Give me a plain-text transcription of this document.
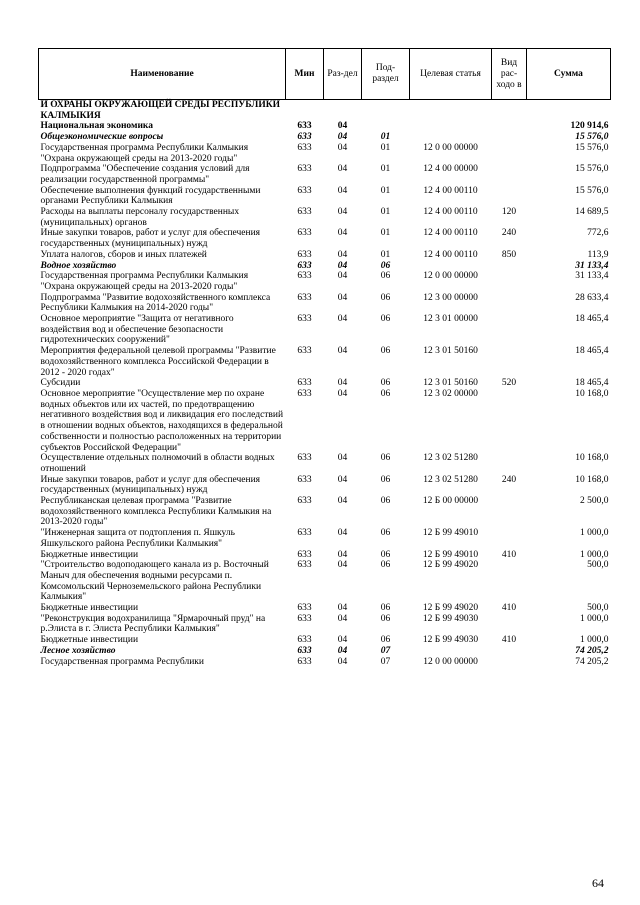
Наименование	Мин	Раз-дел	Под-раздел	Целевая статья	Вид рас-ходо в	Сумма
И ОХРАНЫ ОКРУЖАЮЩЕЙ СРЕДЫ РЕСПУБЛИКИ КАЛМЫКИЯ						
Национальная экономика	633	04				120 914,6
Общеэкономические вопросы	633	04	01			15 576,0
Государственная программа Республики Калмыкия "Охрана окружающей среды на 2013-2020 годы"	633	04	01	12 0 00 00000		15 576,0
Подпрограмма "Обеспечение создания условий для реализации государственной программы"	633	04	01	12 4 00 00000		15 576,0
Обеспечение выполнения функций государственными органами Республики Калмыкия	633	04	01	12 4 00 00110		15 576,0
Расходы на выплаты персоналу государственных (муниципальных) органов	633	04	01	12 4 00 00110	120	14 689,5
Иные закупки товаров, работ и услуг для обеспечения государственных (муниципальных) нужд	633	04	01	12 4 00 00110	240	772,6
Уплата налогов, сборов и иных платежей	633	04	01	12 4 00 00110	850	113,9
Водное хозяйство	633	04	06			31 133,4
Государственная программа Республики Калмыкия "Охрана окружающей среды на 2013-2020 годы"	633	04	06	12 0 00 00000		31 133,4
Подпрограмма "Развитие водохозяйственного комплекса Республики Калмыкия на 2014-2020 годы"	633	04	06	12 3 00 00000		28 633,4
Основное мероприятие "Защита от негативного воздействия вод и обеспечение безопасности гидротехнических сооружений"	633	04	06	12 3 01 00000		18 465,4
Мероприятия федеральной целевой программы "Развитие водохозяйственного комплекса Российской Федерации в 2012 - 2020 годах"	633	04	06	12 3 01 50160		18 465,4
Субсидии	633	04	06	12 3 01 50160	520	18 465,4
Основное мероприятие "Осуществление мер по охране водных объектов или их частей, по предотвращению негативного воздействия вод и ликвидация его последствий в отношении водных объектов, находящихся в федеральной собственности и полностью расположенных на территории субъектов Российской Федерации"	633	04	06	12 3 02 00000		10 168,0
Осуществление отдельных полномочий в области водных отношений	633	04	06	12 3 02 51280		10 168,0
Иные закупки товаров, работ и услуг для обеспечения государственных (муниципальных) нужд	633	04	06	12 3 02 51280	240	10 168,0
Республиканская целевая программа "Развитие водохозяйственного комплекса Республики Калмыкия на 2013-2020 годы"	633	04	06	12 Б 00 00000		2 500,0
"Инженерная защита от подтопления п. Яшкуль Яшкульского района Республики Калмыкия"	633	04	06	12 Б 99 49010		1 000,0
Бюджетные инвестиции	633	04	06	12 Б 99 49010	410	1 000,0
"Строительство водоподающего канала из р. Восточный Маныч для обеспечения водными ресурсами п. Комсомольский Черноземельского района Республики Калмыкия"	633	04	06	12 Б 99 49020		500,0
Бюджетные инвестиции	633	04	06	12 Б 99 49020	410	500,0
"Реконструкция водохранилища "Ярмарочный пруд" на р.Элиста в г. Элиста Республики Калмыкия"	633	04	06	12 Б 99 49030		1 000,0
Бюджетные инвестиции	633	04	06	12 Б 99 49030	410	1 000,0
Лесное хозяйство	633	04	07			74 205,2
Государственная программа Республики	633	04	07	12 0 00 00000		74 205,2
64
